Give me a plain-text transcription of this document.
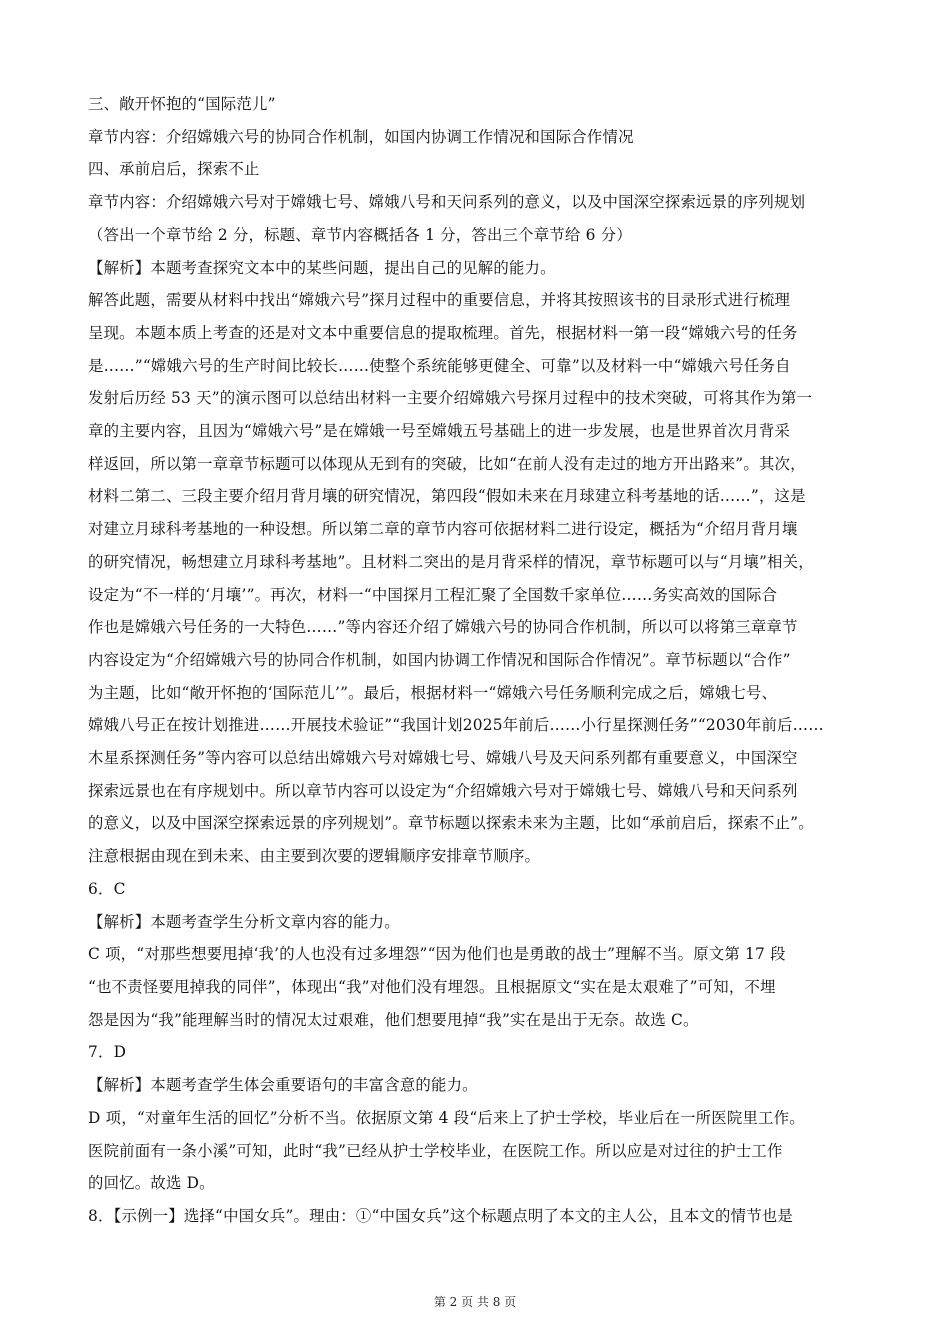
三、敞开怀抱的“国际范儿”

章节内容：介绍嫦娥六号的协同合作机制，如国内协调工作情况和国际合作情况

四、承前启后，探索不止

章节内容：介绍嫦娥六号对于嫦娥七号、嫦娥八号和天问系列的意义，以及中国深空探索远景的序列规划

（答出一个章节给 2 分，标题、章节内容概括各 1 分，答出三个章节给 6 分）

【解析】本题考查探究文本中的某些问题，提出自己的见解的能力。

解答此题，需要从材料中找出“嫦娥六号”探月过程中的重要信息，并将其按照该书的目录形式进行梳理

呈现。本题本质上考查的还是对文本中重要信息的提取梳理。首先，根据材料一第一段“嫦娥六号的任务

是……”“嫦娥六号的生产时间比较长……使整个系统能够更健全、可靠”以及材料一中“嫦娥六号任务自

发射后历经 53 天”的演示图可以总结出材料一主要介绍嫦娥六号探月过程中的技术突破，可将其作为第一

章的主要内容，且因为“嫦娥六号”是在嫦娥一号至嫦娥五号基础上的进一步发展，也是世界首次月背采

样返回，所以第一章章节标题可以体现从无到有的突破，比如“在前人没有走过的地方开出路来”。其次，

材料二第二、三段主要介绍月背月壤的研究情况，第四段“假如未来在月球建立科考基地的话……”，这是

对建立月球科考基地的一种设想。所以第二章的章节内容可依据材料二进行设定，概括为“介绍月背月壤

的研究情况，畅想建立月球科考基地”。且材料二突出的是月背采样的情况，章节标题可以与“月壤”相关，

设定为“不一样的‘月壤’”。再次，材料一“中国探月工程汇聚了全国数千家单位……务实高效的国际合

作也是嫦娥六号任务的一大特色……”等内容还介绍了嫦娥六号的协同合作机制，所以可以将第三章章节

内容设定为“介绍嫦娥六号的协同合作机制，如国内协调工作情况和国际合作情况”。章节标题以“合作”

为主题，比如“敞开怀抱的‘国际范儿’”。最后，根据材料一“嫦娥六号任务顺利完成之后，嫦娥七号、

嫦娥八号正在按计划推进……开展技术验证”“我国计划2025年前后……小行星探测任务”“2030年前后……

木星系探测任务”等内容可以总结出嫦娥六号对嫦娥七号、嫦娥八号及天问系列都有重要意义，中国深空

探索远景也在有序规划中。所以章节内容可以设定为“介绍嫦娥六号对于嫦娥七号、嫦娥八号和天问系列

的意义，以及中国深空探索远景的序列规划”。章节标题以探索未来为主题，比如“承前启后，探索不止”。

注意根据由现在到未来、由主要到次要的逻辑顺序安排章节顺序。

6．C

【解析】本题考查学生分析文章内容的能力。

C 项，“对那些想要甩掉‘我’的人也没有过多埋怨”“因为他们也是勇敢的战士”理解不当。原文第 17 段

“也不责怪要甩掉我的同伴”，体现出“我”对他们没有埋怨。且根据原文“实在是太艰难了”可知，不埋

怨是因为“我”能理解当时的情况太过艰难，他们想要甩掉“我”实在是出于无奈。故选 C。

7．D

【解析】本题考查学生体会重要语句的丰富含意的能力。

D 项，“对童年生活的回忆”分析不当。依据原文第 4 段“后来上了护士学校，毕业后在一所医院里工作。

医院前面有一条小溪”可知，此时“我”已经从护士学校毕业，在医院工作。所以应是对过往的护士工作

的回忆。故选 D。

8．【示例一】选择“中国女兵”。理由：①“中国女兵”这个标题点明了本文的主人公，且本文的情节也是

第 2 页 共 8 页
